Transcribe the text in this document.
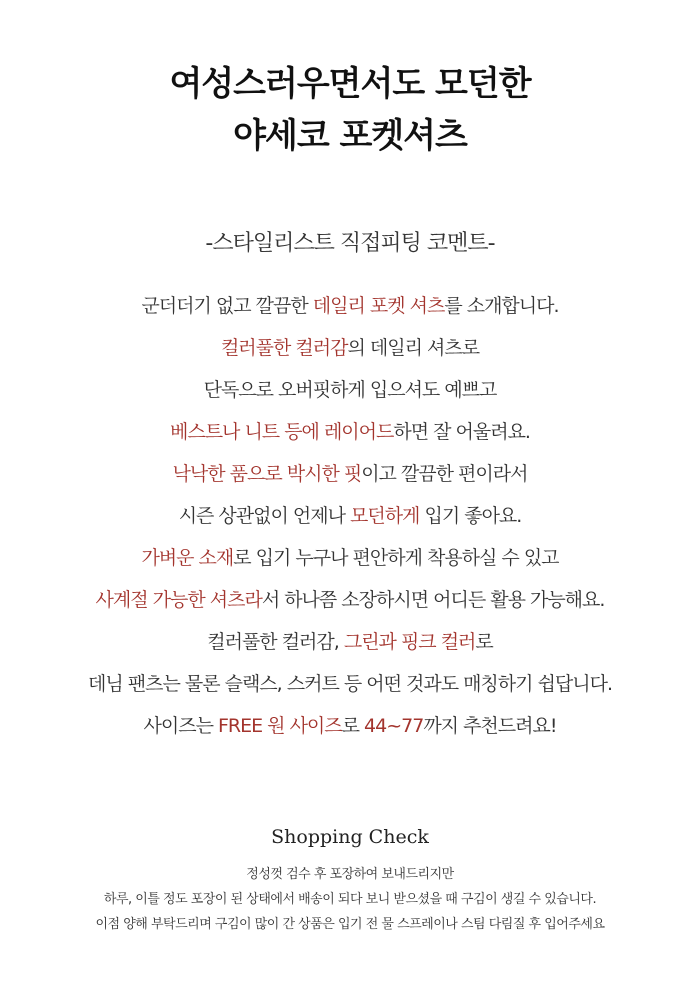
여성스러우면서도 모던한
야세코 포켓셔츠
-스타일리스트 직접피팅 코멘트-
군더더기 없고 깔끔한 데일리 포켓 셔츠를 소개합니다.
컬러풀한 컬러감의 데일리 셔츠로
단독으로 오버핏하게 입으셔도 예쁘고
베스트나 니트 등에 레이어드하면 잘 어울려요.
낙낙한 품으로 박시한 핏이고 깔끔한 편이라서
시즌 상관없이 언제나 모던하게 입기 좋아요.
가벼운 소재로 입기 누구나 편안하게 착용하실 수 있고
사계절 가능한 셔츠라서 하나쯤 소장하시면 어디든 활용 가능해요.
컬러풀한 컬러감, 그린과 핑크 컬러로
데님 팬츠는 물론 슬랙스, 스커트 등 어떤 것과도 매칭하기 쉽답니다.
사이즈는 FREE 원 사이즈로 44~77까지 추천드려요!
Shopping Check
정성껏 검수 후 포장하여 보내드리지만
하루, 이틀 정도 포장이 된 상태에서 배송이 되다 보니 받으셨을 때 구김이 생길 수 있습니다.
이점 양해 부탁드리며 구김이 많이 간 상품은 입기 전 물 스프레이나 스팀 다림질 후 입어주세요
